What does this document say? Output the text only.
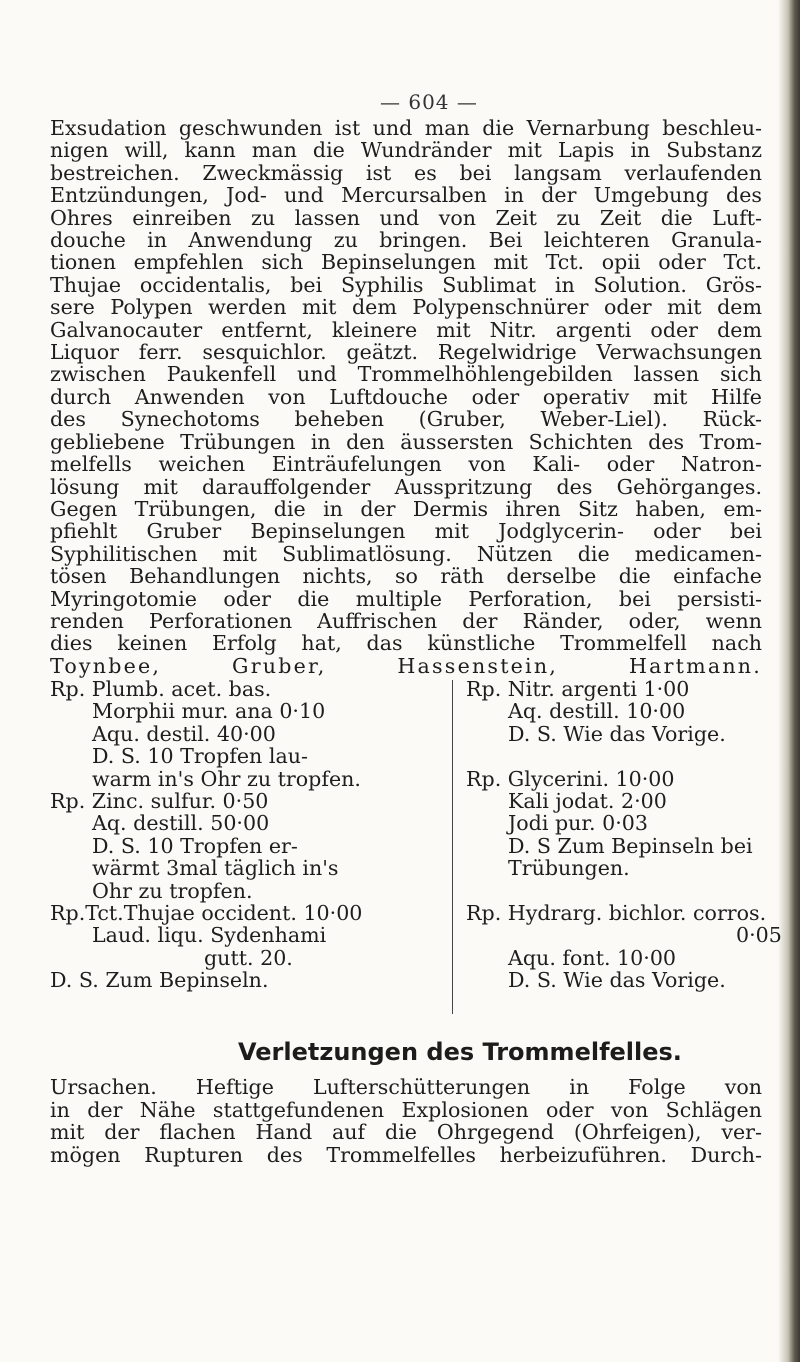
— 604 —
Exsudation geschwunden ist und man die Vernarbung beschleu-
nigen will, kann man die Wundränder mit Lapis in Substanz
bestreichen. Zweckmässig ist es bei langsam verlaufenden
Entzündungen, Jod- und Mercursalben in der Umgebung des
Ohres einreiben zu lassen und von Zeit zu Zeit die Luft-
douche in Anwendung zu bringen. Bei leichteren Granula-
tionen empfehlen sich Bepinselungen mit Tct. opii oder Tct.
Thujae occidentalis, bei Syphilis Sublimat in Solution. Grös-
sere Polypen werden mit dem Polypenschnürer oder mit dem
Galvanocauter entfernt, kleinere mit Nitr. argenti oder dem
Liquor ferr. sesquichlor. geätzt. Regelwidrige Verwachsungen
zwischen Paukenfell und Trommelhöhlengebilden lassen sich
durch Anwenden von Luftdouche oder operativ mit Hilfe
des Synechotoms beheben (Gruber, Weber-Liel). Rück-
gebliebene Trübungen in den äussersten Schichten des Trom-
melfells weichen Einträufelungen von Kali- oder Natron-
lösung mit darauffolgender Ausspritzung des Gehörganges.
Gegen Trübungen, die in der Dermis ihren Sitz haben, em-
pfiehlt Gruber Bepinselungen mit Jodglycerin- oder bei
Syphilitischen mit Sublimatlösung. Nützen die medicamen-
tösen Behandlungen nichts, so räth derselbe die einfache
Myringotomie oder die multiple Perforation, bei persisti-
renden Perforationen Auffrischen der Ränder, oder, wenn
dies keinen Erfolg hat, das künstliche Trommelfell nach
Toynbee, Gruber, Hassenstein, Hartmann.
Rp. Plumb. acet. bas.
Morphii mur. ana 0·10
Aqu. destil. 40·00
D. S. 10 Tropfen lau-
warm in's Ohr zu tropfen.
Rp. Zinc. sulfur. 0·50
Aq. destill. 50·00
D. S. 10 Tropfen er-
wärmt 3mal täglich in's
Ohr zu tropfen.
Rp.Tct.Thujae occident. 10·00
Laud. liqu. Sydenhami
gutt. 20.
D. S. Zum Bepinseln.
Rp. Nitr. argenti 1·00
Aq. destill. 10·00
D. S. Wie das Vorige.
Rp. Glycerini. 10·00
Kali jodat. 2·00
Jodi pur. 0·03
D. S Zum Bepinseln bei
Trübungen.
Rp. Hydrarg. bichlor. corros.
0·05
Aqu. font. 10·00
D. S. Wie das Vorige.
Verletzungen des Trommelfelles.
Ursachen. Heftige Lufterschütterungen in Folge von
in der Nähe stattgefundenen Explosionen oder von Schlägen
mit der flachen Hand auf die Ohrgegend (Ohrfeigen), ver-
mögen Rupturen des Trommelfelles herbeizuführen. Durch-
